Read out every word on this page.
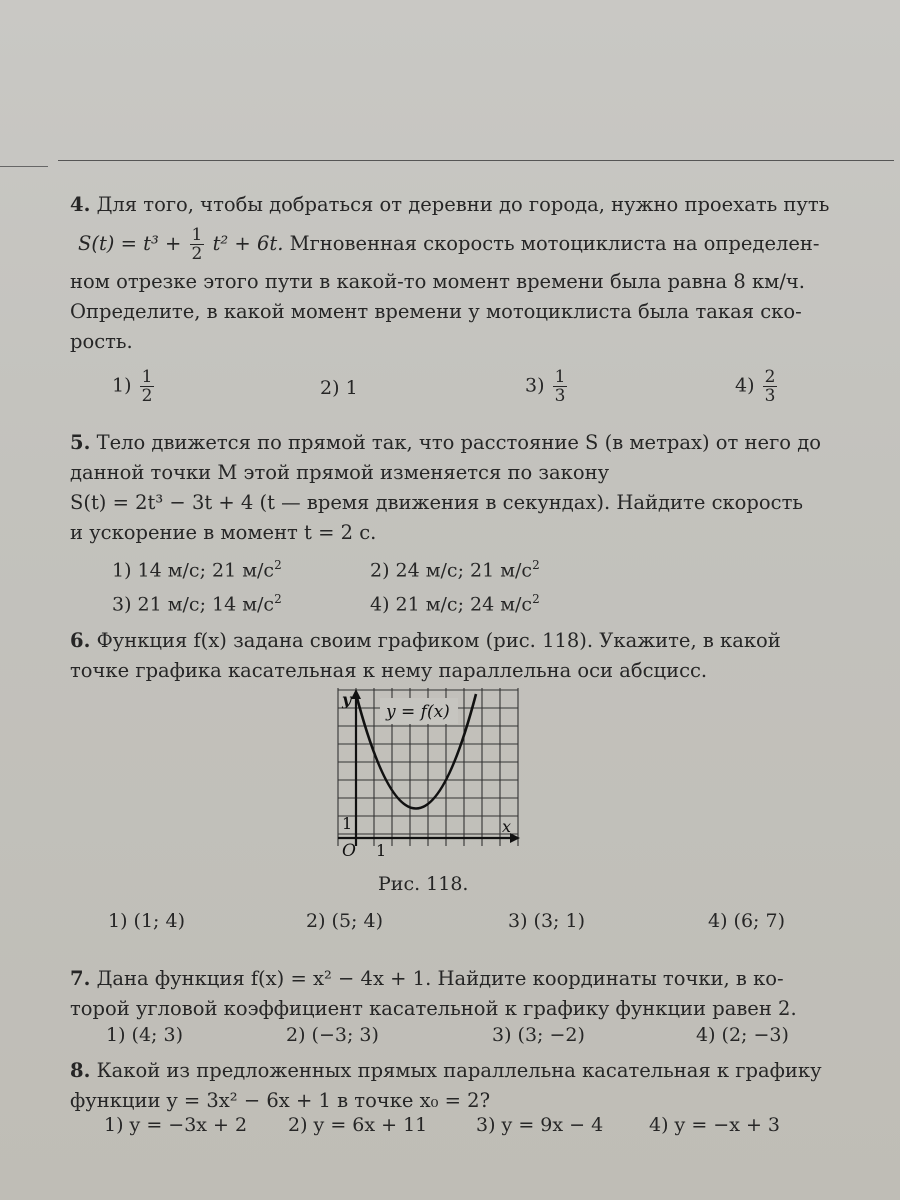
4. Для того, чтобы добраться от деревни до города, нужно проехать путь

$S(t) = t^3 + \frac{1}{2} t^2 + 6t$. Мгновенная скорость мотоциклиста на определен-

ном отрезке этого пути в какой-то момент времени была равна 8 км/ч.

Определите, в какой момент времени у мотоциклиста была такая ско-

рость.

$1) \frac{1}{2}$	2) 1	$3) \frac{1}{3}$	$4) \frac{2}{3}$

5. Тело движется по прямой так, что расстояние S (в метрах) от него до

данной точки M этой прямой изменяется по закону

S(t) = 2t³ − 3t + 4 (t — время движения в секундах). Найдите скорость

и ускорение в момент t = 2 с.

1) 14 м/с; 21 $м/с^2$	2) 24 м/с; 21 $м/с^2$
3) 21 м/с; 14 $м/с^2$	4) 21 м/с; 24 $м/с^2$

6. Функция f(x) задана своим графиком (рис. 118). Укажите, в какой

точке графика касательная к нему параллельна оси абсцисс.

y = f(x)
y
x
O 1
1
Рис. 118.
1) (1; 4)	2) (5; 4)	3) (3; 1)	4) (6; 7)

7. Дана функция f(x) = x² − 4x + 1. Найдите координаты точки, в ко-

торой угловой коэффициент касательной к графику функции равен 2.

1) (4; 3)	2) (−3; 3)	3) (3; −2)	4) (2; −3)

8. Какой из предложенных прямых параллельна касательная к графику

функции y = 3x² − 6x + 1 в точке x₀ = 2?

1) y = −3x + 2 2) y = 6x + 11	3) y = 9x − 4 4) y = −x + 3
